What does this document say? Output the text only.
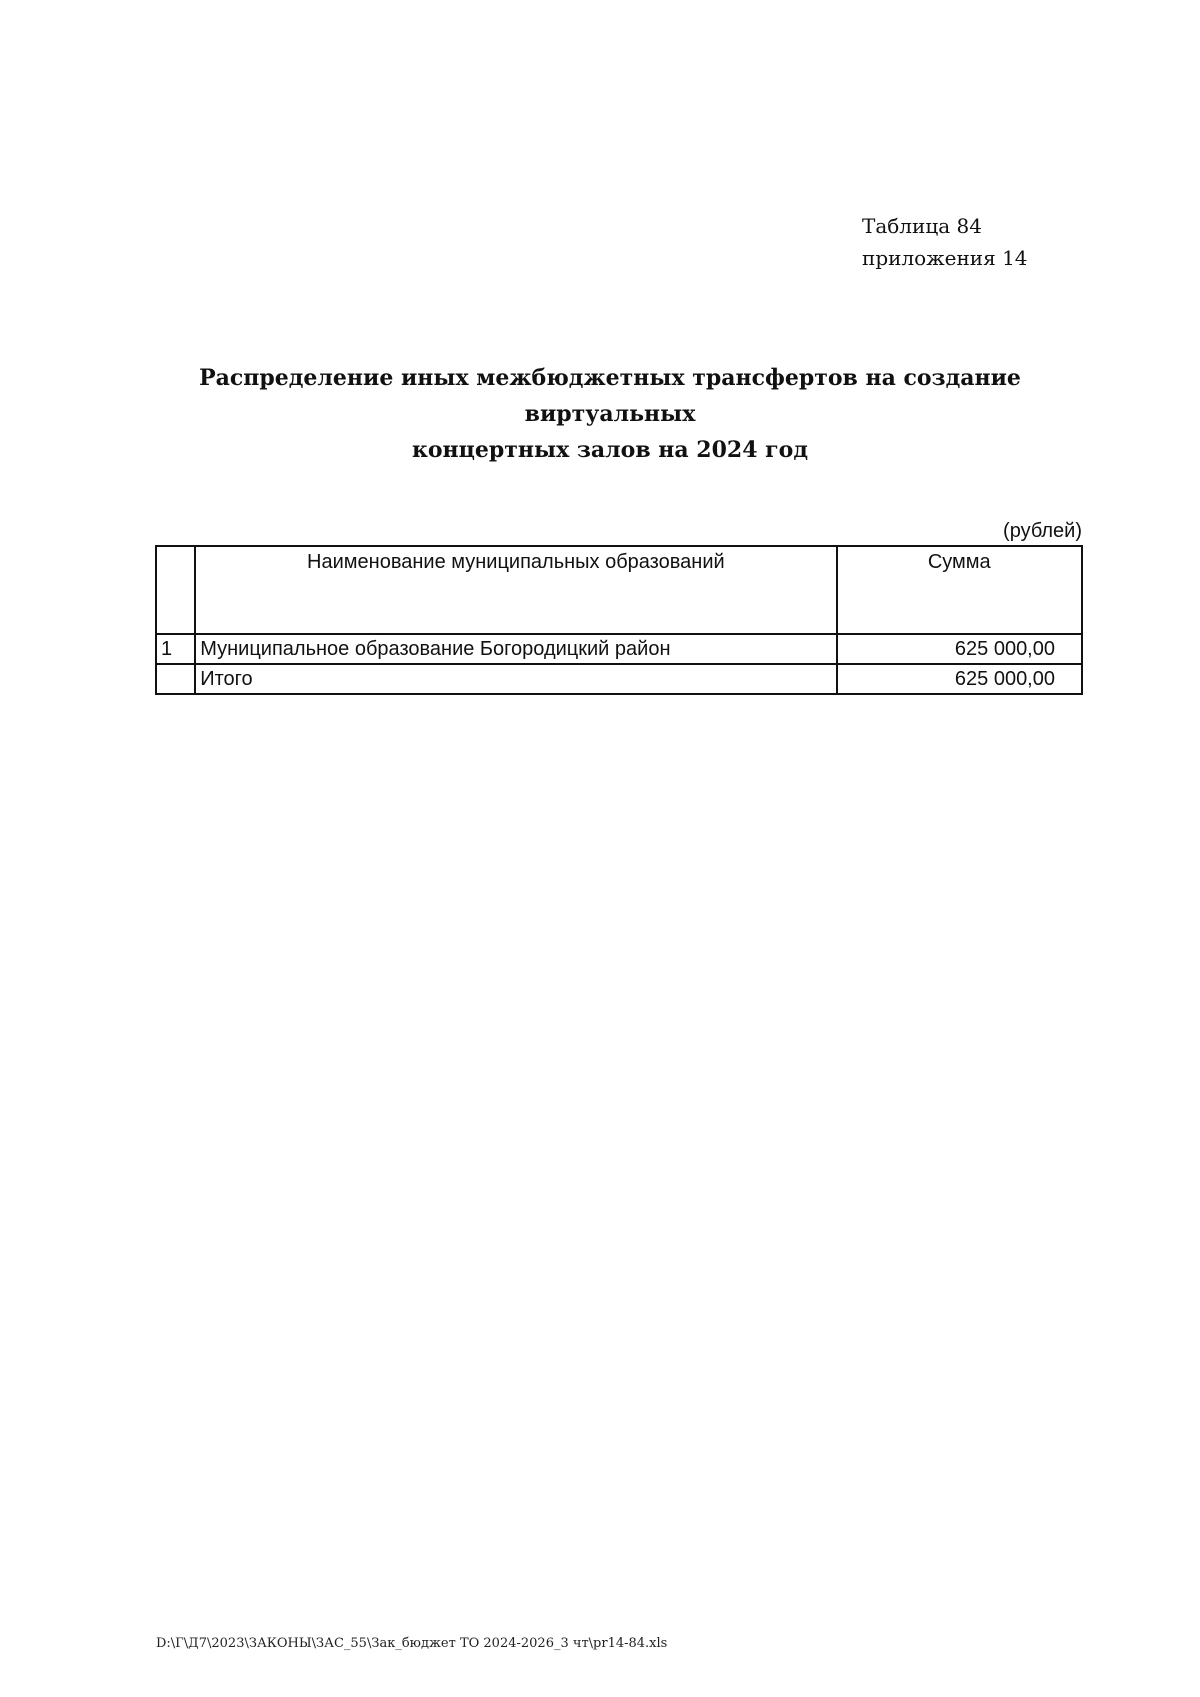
Таблица 84
приложения 14
Распределение иных межбюджетных трансфертов на создание виртуальных
концертных залов на 2024 год
(рублей)
	Наименование муниципальных образований	Сумма
1	Муниципальное образование Богородицкий район	625 000,00
	Итого	625 000,00
D:\Г\Д7\2023\ЗАКОНЫ\ЗАС_55\Зак_бюджет ТО 2024-2026_3 чт\pr14-84.xls
